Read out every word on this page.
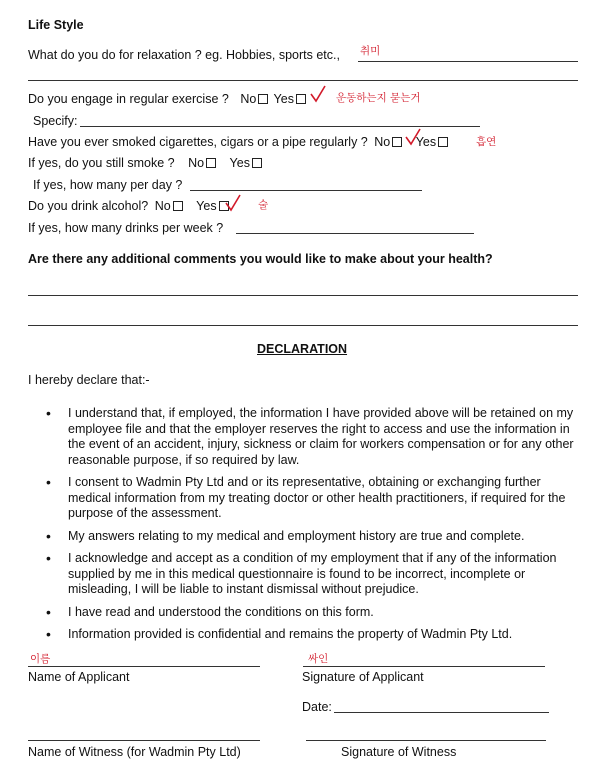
Life Style
What do you do for relaxation ? eg. Hobbies, sports etc., 취미
Do you engage in regular exercise ? No Yes	운동하는지 묻는거
Specify:
Have you ever smoked cigarettes, cigars or a pipe regularly ? No Yes	흡연
If yes, do you still smoke ? No Yes
If yes, how many per day ?
Do you drink alcohol? No Yes	술
If yes, how many drinks per week ?
Are there any additional comments you would like to make about your health?
DECLARATION
I hereby declare that:-
• I understand that, if employed, the information I have provided above will be retained on my employee file and that the employer reserves the right to access and use the information in the event of an accident, injury, sickness or claim for workers compensation or for any other reasonable purpose, if so required by law.
• I consent to Wadmin Pty Ltd and or its representative, obtaining or exchanging further medical information from my treating doctor or other health practitioners, if required for the purpose of the assessment.
• My answers relating to my medical and employment history are true and complete.
• I acknowledge and accept as a condition of my employment that if any of the information supplied by me in this medical questionnaire is found to be incorrect, incomplete or misleading, I will be liable to instant dismissal without prejudice.
• I have read and understood the conditions on this form.
• Information provided is confidential and remains the property of Wadmin Pty Ltd.
이름
Name of Applicant
싸인
Signature of Applicant
Date:
Name of Witness (for Wadmin Pty Ltd)	Signature of Witness
